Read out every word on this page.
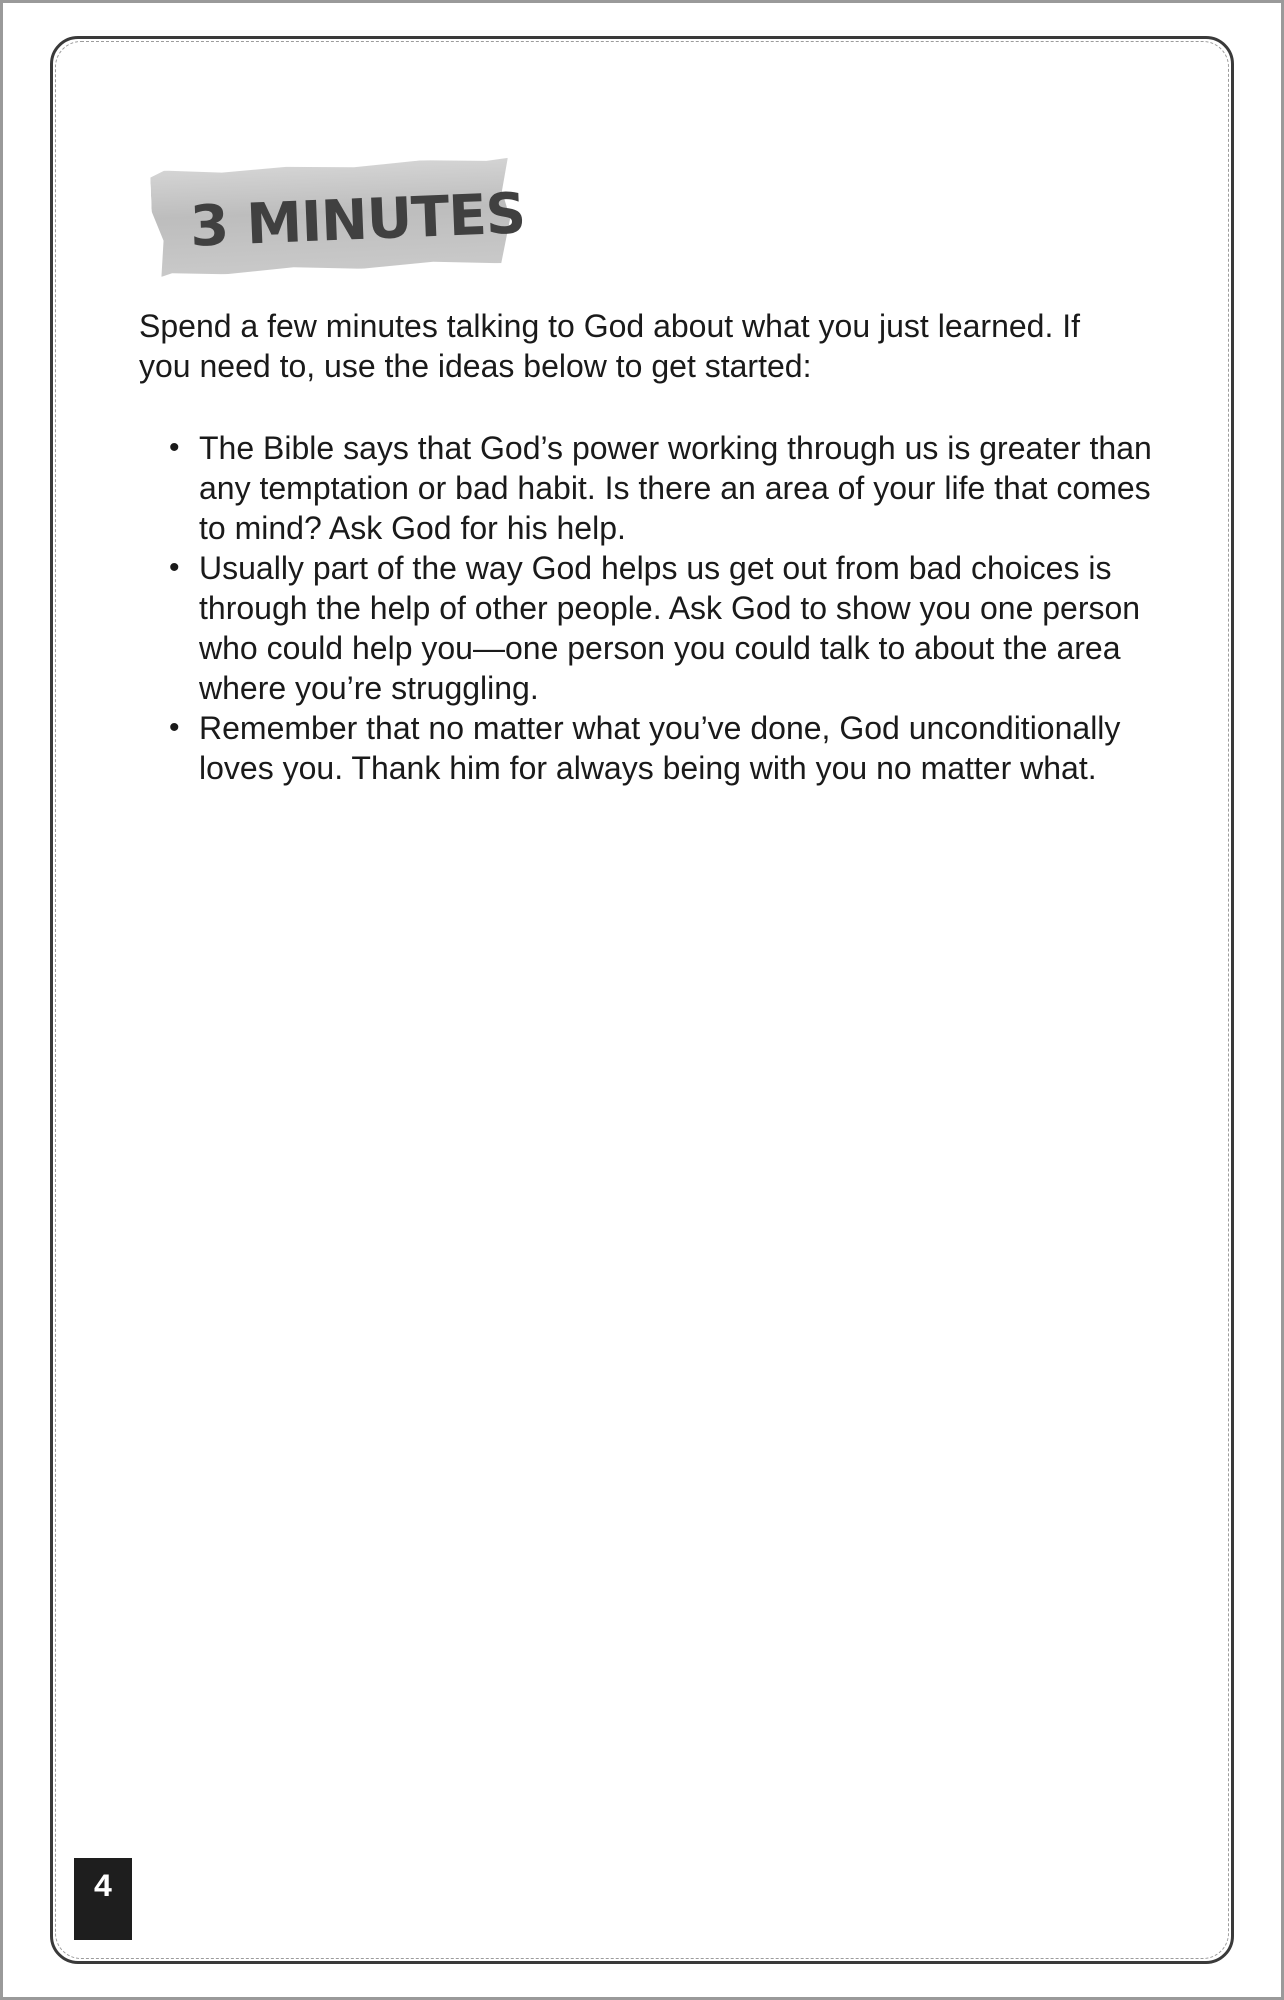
3 MINUTES

Spend a few minutes talking to God about what you just learned. If you need to, use the ideas below to get started:

• The Bible says that God’s power working through us is greater than any temptation or bad habit. Is there an area of your life that comes to mind? Ask God for his help.
• Usually part of the way God helps us get out from bad choices is through the help of other people. Ask God to show you one person who could help you—one person you could talk to about the area where you’re struggling.
• Remember that no matter what you’ve done, God unconditionally loves you. Thank him for always being with you no matter what.
4
